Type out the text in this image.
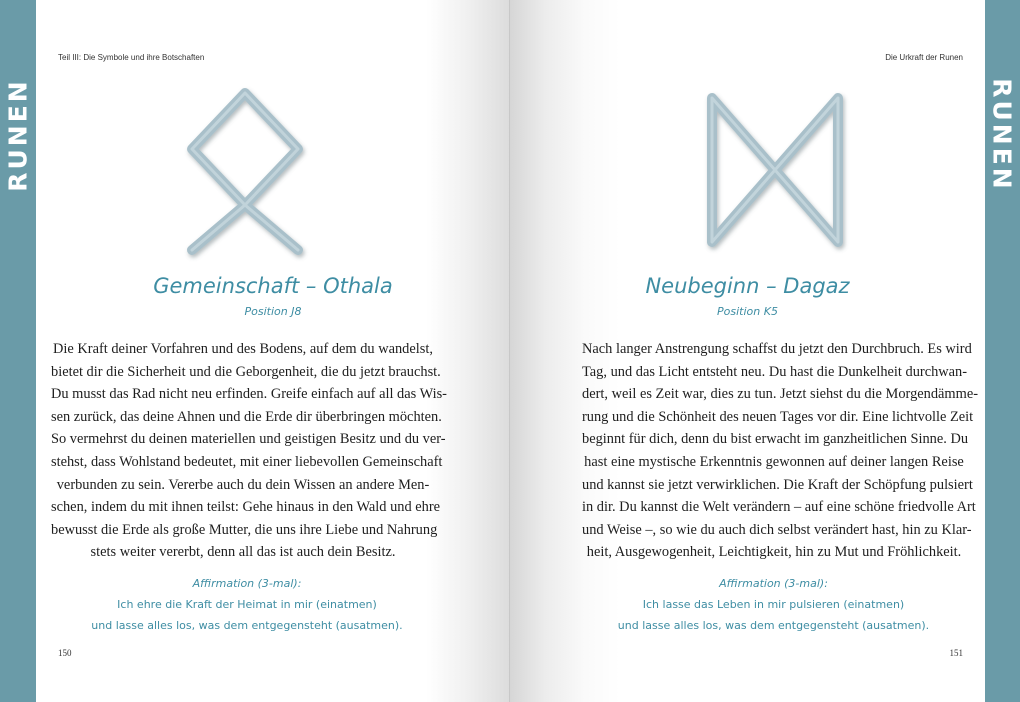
RUNEN
Teil III: Die Symbole und ihre Botschaften
Gemeinschaft – Othala
Position J8

Die Kraft deiner Vorfahren und des Bodens, auf dem du wandelst,
bietet dir die Sicherheit und die Geborgenheit, die du jetzt brauchst.
Du musst das Rad nicht neu erfinden. Greife einfach auf all das Wis-
sen zurück, das deine Ahnen und die Erde dir überbringen möchten.
So vermehrst du deinen materiellen und geistigen Besitz und du ver-
stehst, dass Wohlstand bedeutet, mit einer liebevollen Gemeinschaft
verbunden zu sein. Vererbe auch du dein Wissen an andere Men-
schen, indem du mit ihnen teilst: Gehe hinaus in den Wald und ehre
bewusst die Erde als große Mutter, die uns ihre Liebe und Nahrung
stets weiter vererbt, denn all das ist auch dein Besitz.

Affirmation (3-mal):
Ich ehre die Kraft der Heimat in mir (einatmen)
und lasse alles los, was dem entgegensteht (ausatmen).
150
Die Urkraft der Runen
Neubeginn – Dagaz
Position K5

Nach langer Anstrengung schaffst du jetzt den Durchbruch. Es wird
Tag, und das Licht entsteht neu. Du hast die Dunkelheit durchwan-
dert, weil es Zeit war, dies zu tun. Jetzt siehst du die Morgendämme-
rung und die Schönheit des neuen Tages vor dir. Eine lichtvolle Zeit
beginnt für dich, denn du bist erwacht im ganzheitlichen Sinne. Du
hast eine mystische Erkenntnis gewonnen auf deiner langen Reise
und kannst sie jetzt verwirklichen. Die Kraft der Schöpfung pulsiert
in dir. Du kannst die Welt verändern – auf eine schöne friedvolle Art
und Weise –, so wie du auch dich selbst verändert hast, hin zu Klar-
heit, Ausgewogenheit, Leichtigkeit, hin zu Mut und Fröhlichkeit.

Affirmation (3-mal):
Ich lasse das Leben in mir pulsieren (einatmen)
und lasse alles los, was dem entgegensteht (ausatmen).
151
RUNEN
